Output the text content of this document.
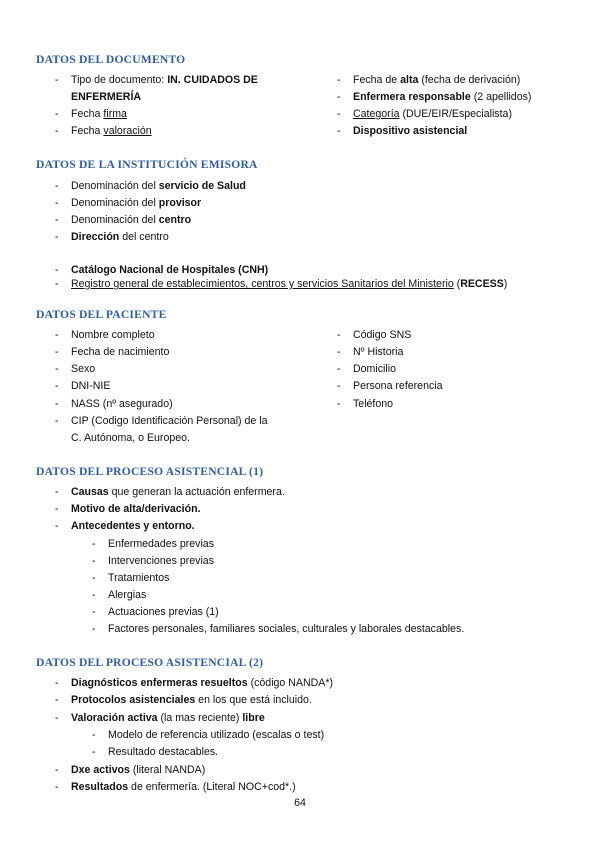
DATOS DEL DOCUMENTO
- Tipo de documento: IN. CUIDADOS DE
ENFERMERÍA
- Fecha firma
- Fecha valoración
- Fecha de alta (fecha de derivación)
- Enfermera responsable (2 apellidos)
- Categoría (DUE/EIR/Especialista)
- Dispositivo asistencial
DATOS DE LA INSTITUCIÓN EMISORA
- Denominación del servicio de Salud
- Denominación del provisor
- Denominación del centro
- Dirección del centro
- Catálogo Nacional de Hospitales (CNH)
- Registro general de establecimientos, centros y servicios Sanitarios del Ministerio (RECESS)
DATOS DEL PACIENTE
- Nombre completo
- Fecha de nacimiento
- Sexo
- DNI-NIE
- NASS (nº asegurado)
- CIP (Codigo Identificación Personal) de la
C. Autónoma, o Europeo.
- Código SNS
- Nº Historia
- Domicilio
- Persona referencia
- Teléfono
DATOS DEL PROCESO ASISTENCIAL (1)
- Causas que generan la actuación enfermera.
- Motivo de alta/derivación.
- Antecedentes y entorno.
- Enfermedades previas
- Intervenciones previas
- Tratamientos
- Alergias
- Actuaciones previas (1)
- Factores personales, familiares sociales, culturales y laborales destacables.
DATOS DEL PROCESO ASISTENCIAL (2)
- Diagnósticos enfermeras resueltos (código NANDA*)
- Protocolos asistenciales en los que está incluido.
- Valoración activa (la mas reciente) libre
- Modelo de referencia utilizado (escalas o test)
- Resultado destacables.
- Dxe activos (literal NANDA)
- Resultados de enfermería. (Literal NOC+cod*.)
64
